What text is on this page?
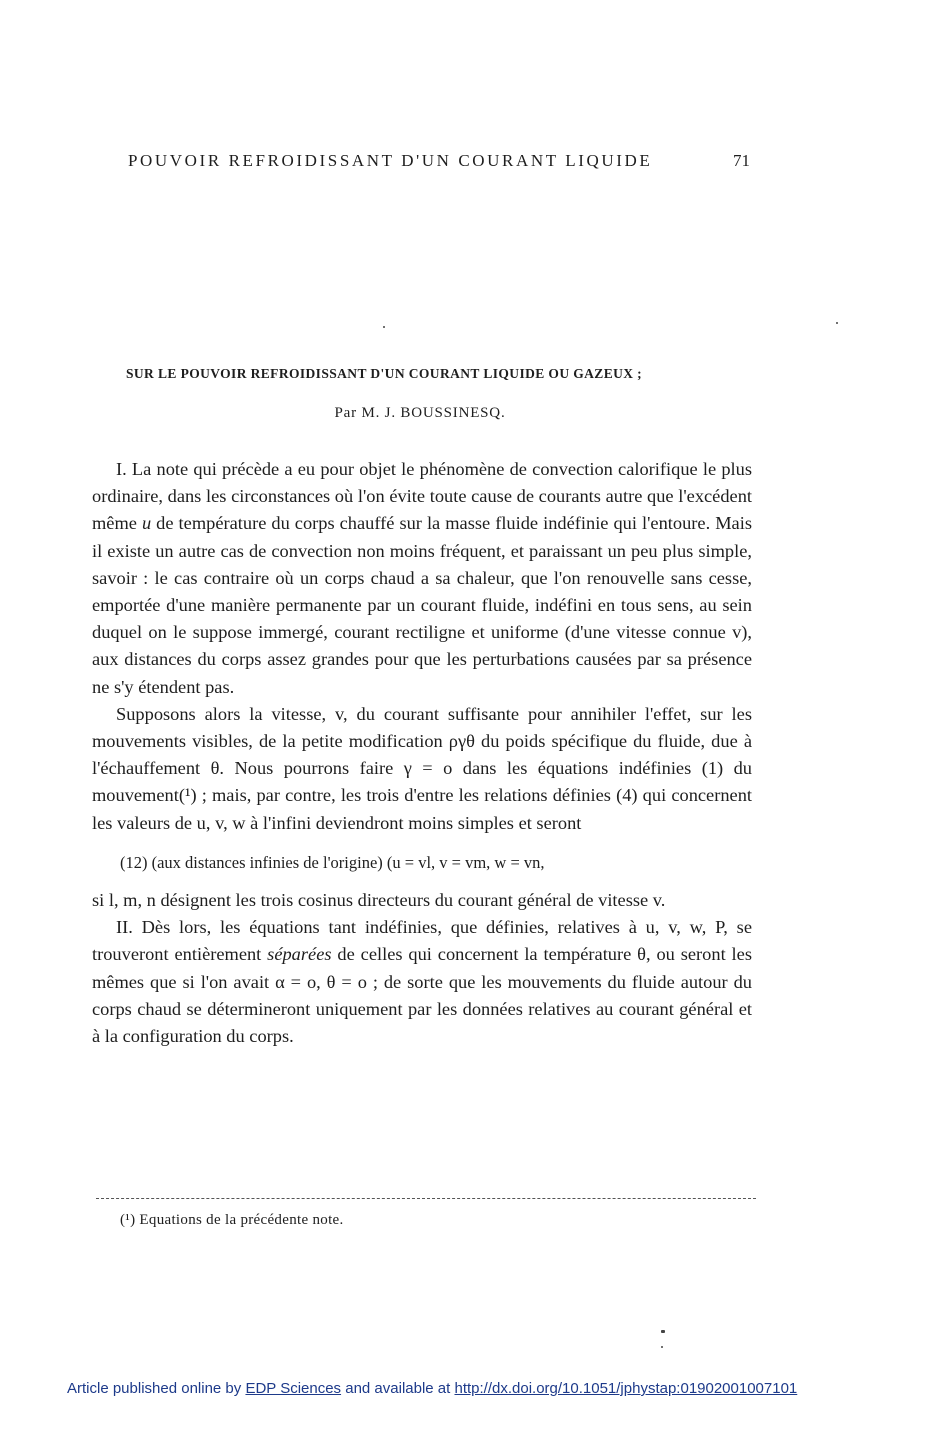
POUVOIR REFROIDISSANT D'UN COURANT LIQUIDE	71
SUR LE POUVOIR REFROIDISSANT D'UN COURANT LIQUIDE OU GAZEUX ;
Par M. J. BOUSSINESQ.

I. La note qui précède a eu pour objet le phénomène de convection calorifique le plus ordinaire, dans les circonstances où l'on évite toute cause de courants autre que l'excédent même u de température du corps chauffé sur la masse fluide indéfinie qui l'entoure. Mais il existe un autre cas de convection non moins fréquent, et paraissant un peu plus simple, savoir : le cas contraire où un corps chaud a sa chaleur, que l'on renouvelle sans cesse, emportée d'une manière permanente par un courant fluide, indéfini en tous sens, au sein duquel on le suppose immergé, courant rectiligne et uniforme (d'une vitesse connue v), aux distances du corps assez grandes pour que les perturbations causées par sa présence ne s'y étendent pas.

Supposons alors la vitesse, v, du courant suffisante pour annihiler l'effet, sur les mouvements visibles, de la petite modification ργθ du poids spécifique du fluide, due à l'échauffement θ. Nous pourrons faire γ = o dans les équations indéfinies (1) du mouvement(¹) ; mais, par contre, les trois d'entre les relations définies (4) qui concernent les valeurs de u, v, w à l'infini deviendront moins simples et seront

(12) (aux distances infinies de l'origine) (u = vl, v = vm, w = vn,

si l, m, n désignent les trois cosinus directeurs du courant général de vitesse v.

II. Dès lors, les équations tant indéfinies, que définies, relatives à u, v, w, P, se trouveront entièrement séparées de celles qui concernent la température θ, ou seront les mêmes que si l'on avait α = o, θ = o ; de sorte que les mouvements du fluide autour du corps chaud se détermineront uniquement par les données relatives au courant général et à la configuration du corps.

(¹) Equations de la précédente note.
Article published online by EDP Sciences and available at http://dx.doi.org/10.1051/jphystap:01902001007101
